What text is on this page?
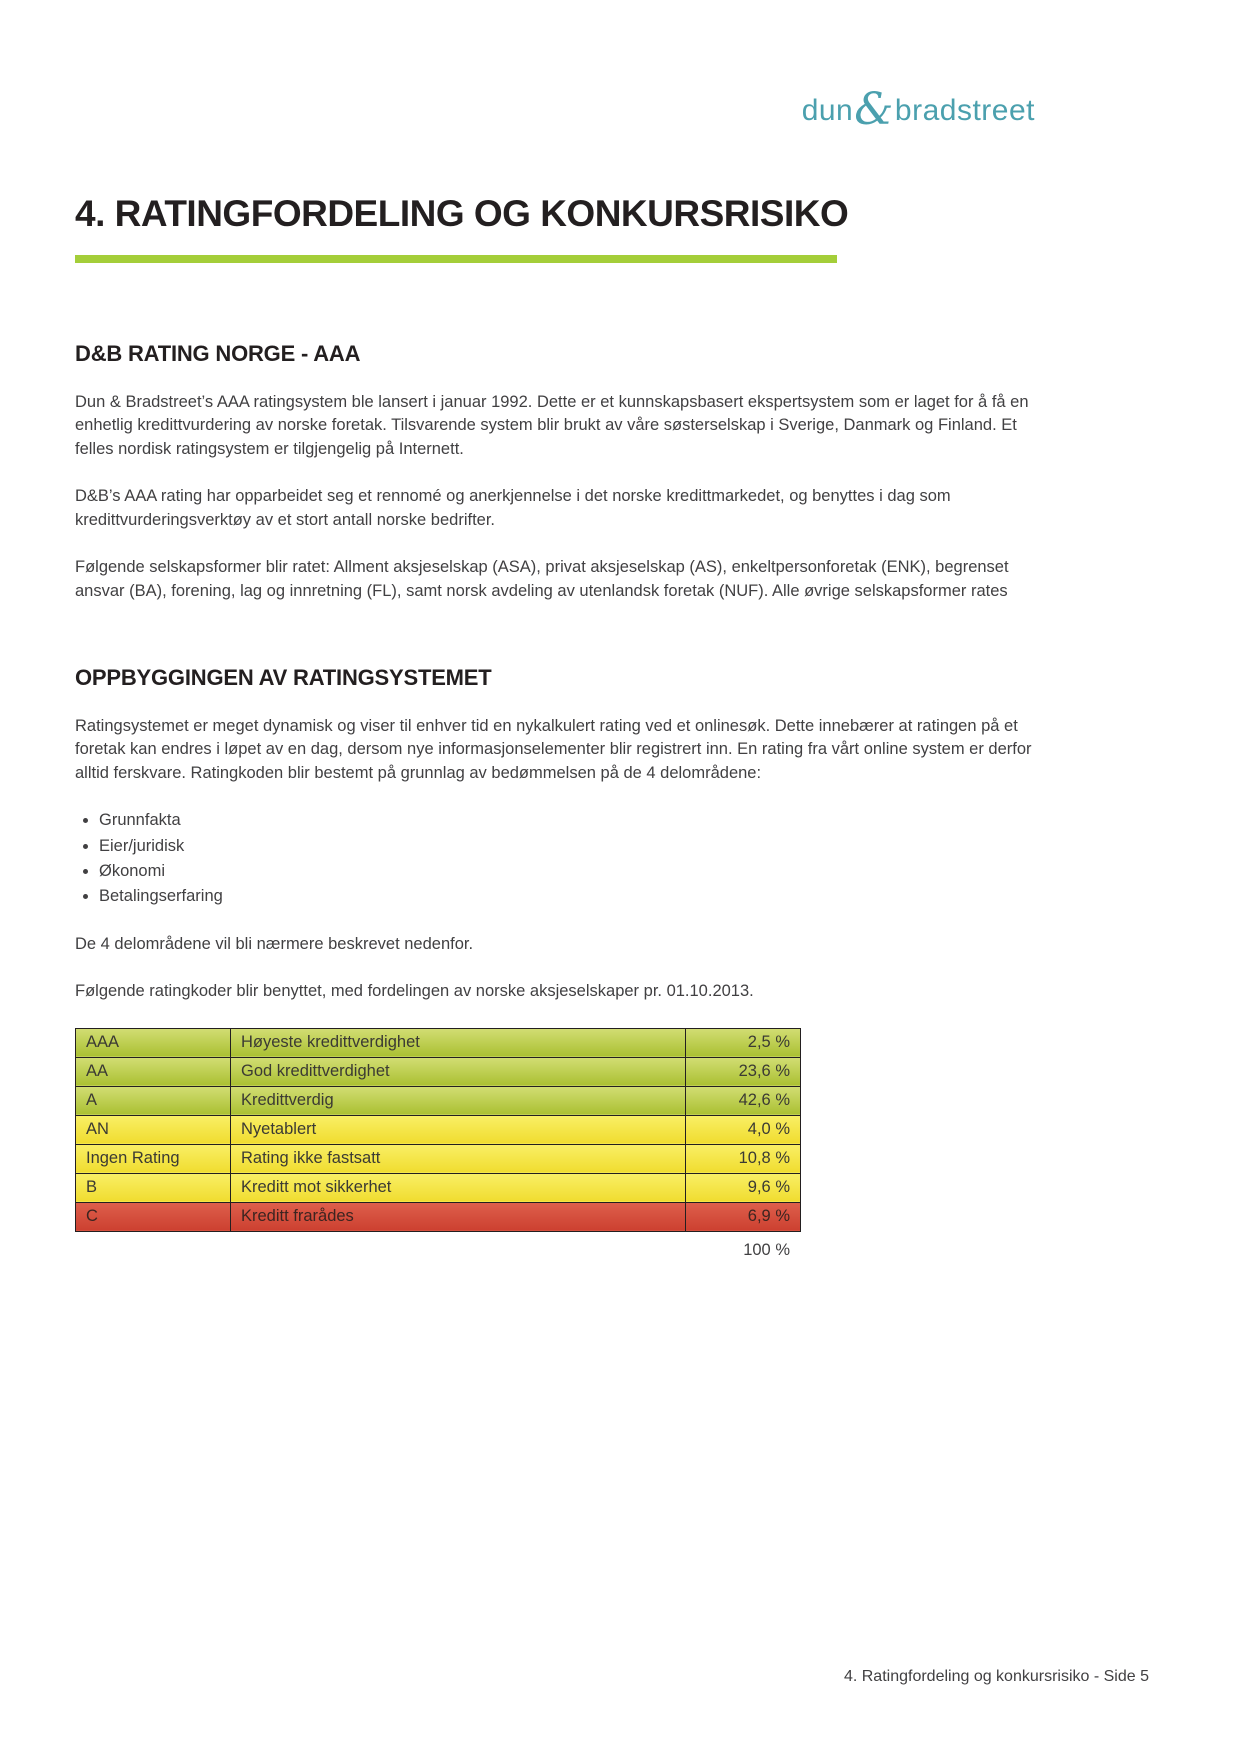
dun&bradstreet
4. RATINGFORDELING OG KONKURSRISIKO
D&B RATING NORGE - AAA

Dun & Bradstreet’s AAA ratingsystem ble lansert i januar 1992. Dette er et kunnskapsbasert ekspertsystem som er laget for å få en enhetlig kredittvurdering av norske foretak. Tilsvarende system blir brukt av våre søsterselskap i Sverige, Danmark og Finland. Et felles nordisk ratingsystem er tilgjengelig på Internett.

D&B’s AAA rating har opparbeidet seg et rennomé og anerkjennelse i det norske kredittmarkedet, og benyttes i dag som kredittvurderingsverktøy av et stort antall norske bedrifter.

Følgende selskapsformer blir ratet: Allment aksjeselskap (ASA), privat aksjeselskap (AS), enkeltpersonforetak (ENK), begrenset ansvar (BA), forening, lag og innretning (FL), samt norsk avdeling av utenlandsk foretak (NUF). Alle øvrige selskapsformer rates

OPPBYGGINGEN AV RATINGSYSTEMET

Ratingsystemet er meget dynamisk og viser til enhver tid en nykalkulert rating ved et onlinesøk. Dette innebærer at ratingen på et foretak kan endres i løpet av en dag, dersom nye informasjonselementer blir registrert inn. En rating fra vårt online system er derfor alltid ferskvare. Ratingkoden blir bestemt på grunnlag av bedømmelsen på de 4 delområdene:

• Grunnfakta
• Eier/juridisk
• Økonomi
• Betalingserfaring

De 4 delområdene vil bli nærmere beskrevet nedenfor.

Følgende ratingkoder blir benyttet, med fordelingen av norske aksjeselskaper pr. 01.10.2013.

AAA	Høyeste kredittverdighet	2,5 %
AA	God kredittverdighet	23,6 %
A	Kredittverdig	42,6 %
AN	Nyetablert	4,0 %
Ingen Rating	Rating ikke fastsatt	10,8 %
B	Kreditt mot sikkerhet	9,6 %
C	Kreditt frarådes	6,9 %
100 %
4. Ratingfordeling og konkursrisiko - Side 5
